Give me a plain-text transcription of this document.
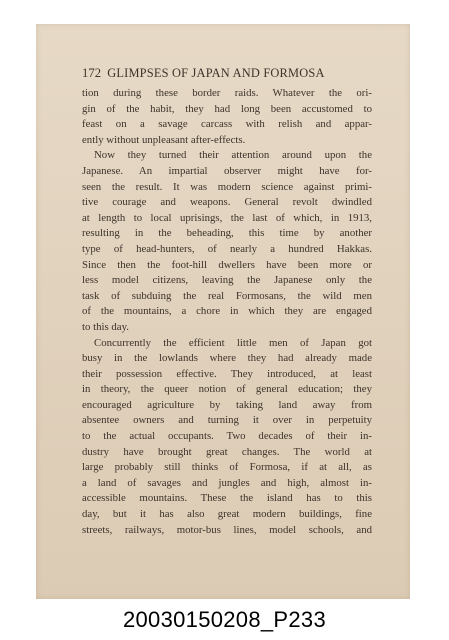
172 GLIMPSES OF JAPAN AND FORMOSA
tion during these border raids. Whatever the ori-
gin of the habit, they had long been accustomed to
feast on a savage carcass with relish and appar-
ently without unpleasant after-effects.
Now they turned their attention around upon the
Japanese. An impartial observer might have for-
seen the result. It was modern science against primi-
tive courage and weapons. General revolt dwindled
at length to local uprisings, the last of which, in 1913,
resulting in the beheading, this time by another
type of head-hunters, of nearly a hundred Hakkas.
Since then the foot-hill dwellers have been more or
less model citizens, leaving the Japanese only the
task of subduing the real Formosans, the wild men
of the mountains, a chore in which they are engaged
to this day.
Concurrently the efficient little men of Japan got
busy in the lowlands where they had already made
their possession effective. They introduced, at least
in theory, the queer notion of general education; they
encouraged agriculture by taking land away from
absentee owners and turning it over in perpetuity
to the actual occupants. Two decades of their in-
dustry have brought great changes. The world at
large probably still thinks of Formosa, if at all, as
a land of savages and jungles and high, almost in-
accessible mountains. These the island has to this
day, but it has also great modern buildings, fine
streets, railways, motor-bus lines, model schools, and
20030150208_P233
